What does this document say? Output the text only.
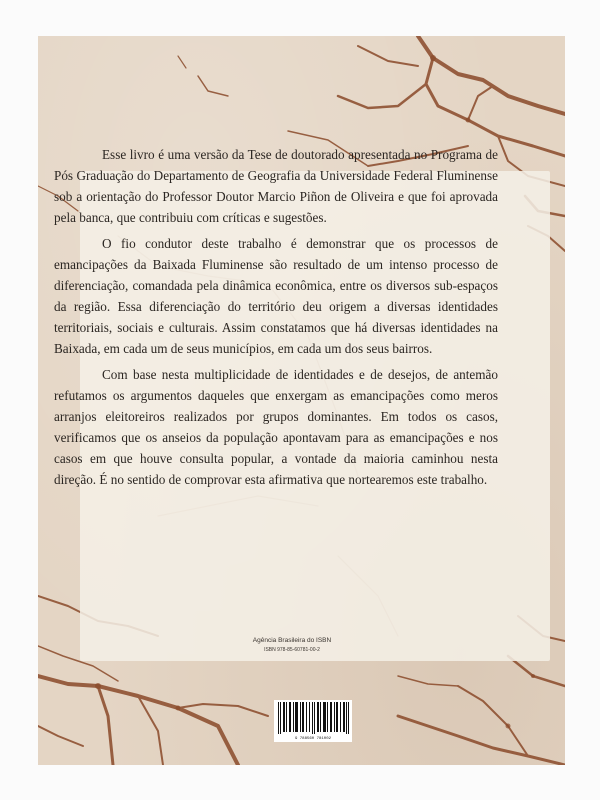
Esse livro é uma versão da Tese de doutorado apresentada no Programa de Pós Graduação do Departamento de Geografia da Universidade Federal Fluminense sob a orientação do Professor Doutor Marcio Piñon de Oliveira e que foi aprovada pela banca, que contribuiu com críticas e sugestões.

O fio condutor deste trabalho é demonstrar que os processos de emancipações da Baixada Fluminense são resultado de um intenso processo de diferenciação, comandada pela dinâmica econômica, entre os diversos sub-espaços da região. Essa diferenciação do território deu origem a diversas identidades territoriais, sociais e culturais. Assim constatamos que há diversas identidades na Baixada, em cada um de seus municípios, em cada um dos seus bairros.

Com base nesta multiplicidade de identidades e de desejos, de antemão refutamos os argumentos daqueles que enxergam as emancipações como meros arranjos eleitoreiros realizados por grupos dominantes. Em todos os casos, verificamos que os anseios da população apontavam para as emancipações e nos casos em que houve consulta popular, a vontade da maioria caminhou nesta direção. É no sentido de comprovar esta afirmativa que nortearemos este trabalho.

Agência Brasileira do ISBN
ISBN 978-85-60781-00-2
9 788560 781002
